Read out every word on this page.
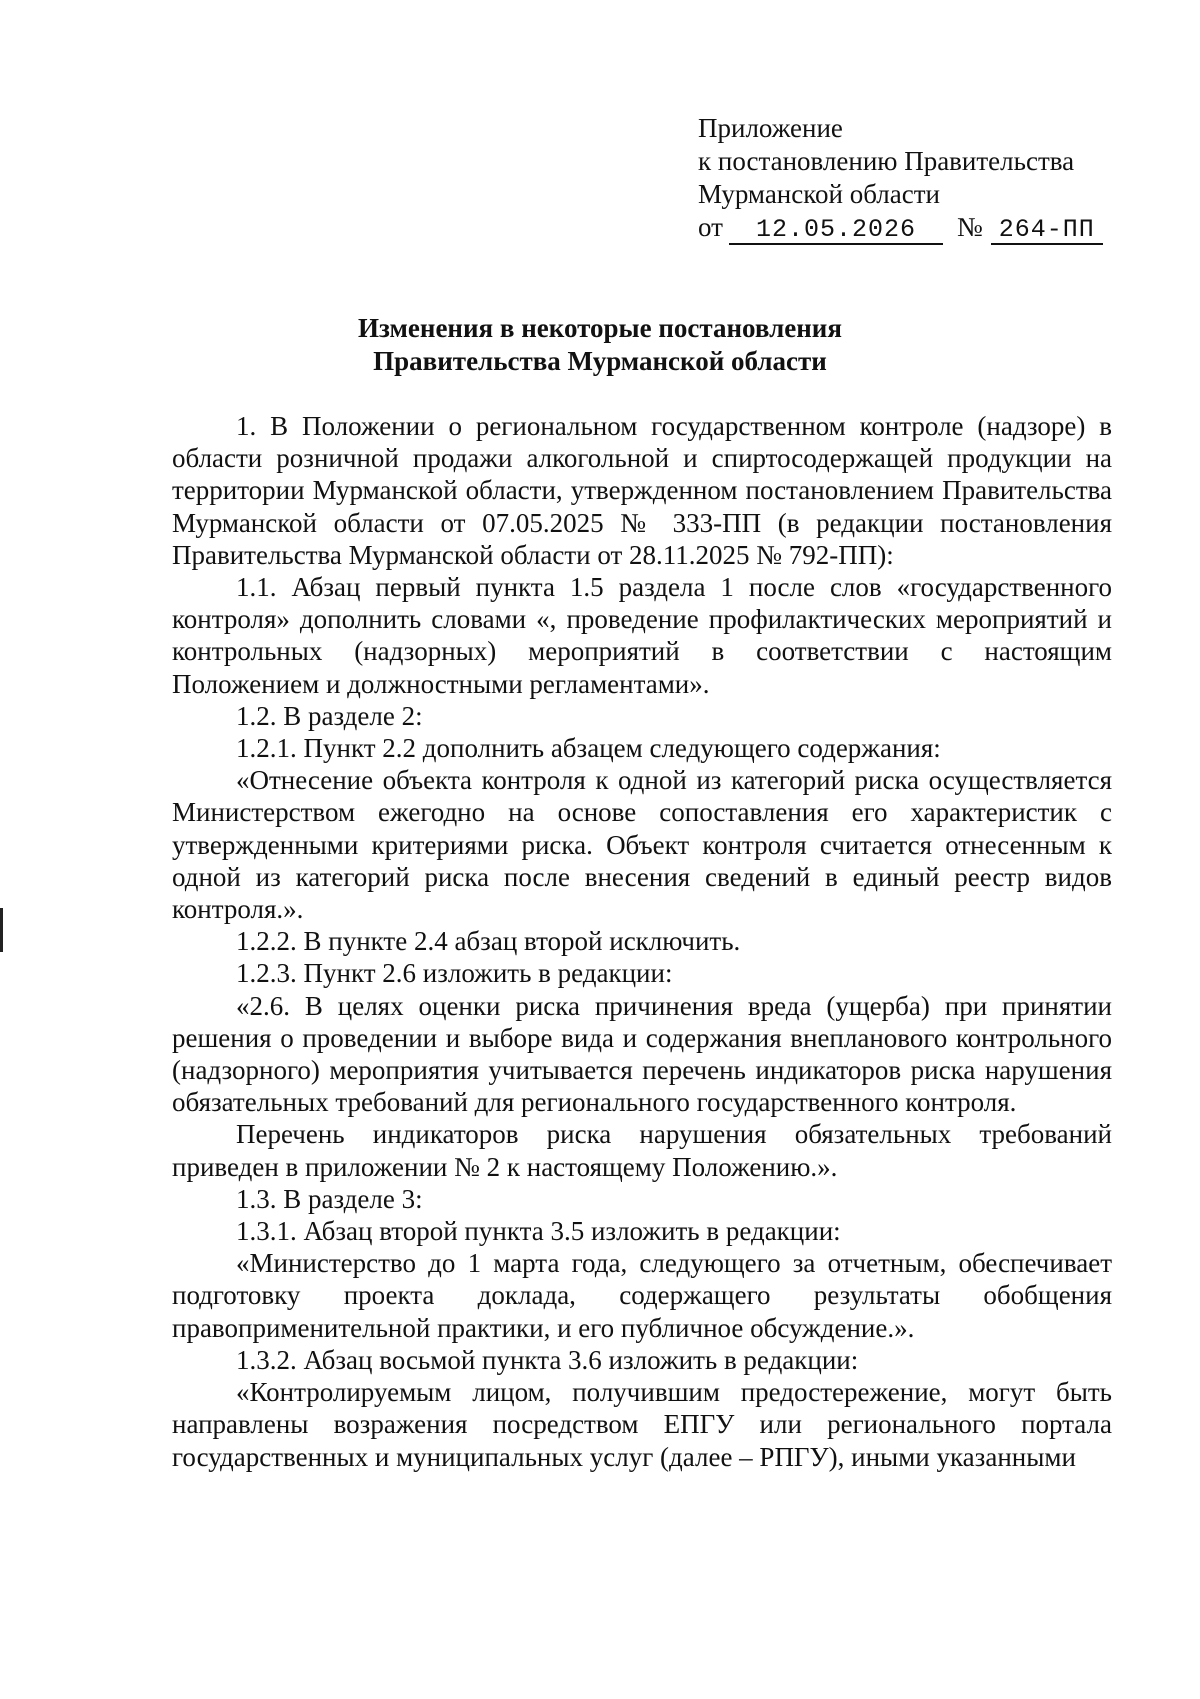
Приложение
к постановлению Правительства
Мурманской области
от 12.05.2026 № 264-ПП
Изменения в некоторые постановления
Правительства Мурманской области

1. В Положении о региональном государственном контроле (надзоре) в области розничной продажи алкогольной и спиртосодержащей продукции на территории Мурманской области, утвержденном постановлением Правительства Мурманской области от 07.05.2025 № 333-ПП (в редакции постановления Правительства Мурманской области от 28.11.2025 № 792-ПП):

1.1. Абзац первый пункта 1.5 раздела 1 после слов «государственного контроля» дополнить словами «, проведение профилактических мероприятий и контрольных (надзорных) мероприятий в соответствии с настоящим Положением и должностными регламентами».

1.2. В разделе 2:

1.2.1. Пункт 2.2 дополнить абзацем следующего содержания:

«Отнесение объекта контроля к одной из категорий риска осуществляется Министерством ежегодно на основе сопоставления его характеристик с утвержденными критериями риска. Объект контроля считается отнесенным к одной из категорий риска после внесения сведений в единый реестр видов контроля.».

1.2.2. В пункте 2.4 абзац второй исключить.

1.2.3. Пункт 2.6 изложить в редакции:

«2.6. В целях оценки риска причинения вреда (ущерба) при принятии решения о проведении и выборе вида и содержания внепланового контрольного (надзорного) мероприятия учитывается перечень индикаторов риска нарушения обязательных требований для регионального государственного контроля.

Перечень индикаторов риска нарушения обязательных требований приведен в приложении № 2 к настоящему Положению.».

1.3. В разделе 3:

1.3.1. Абзац второй пункта 3.5 изложить в редакции:

«Министерство до 1 марта года, следующего за отчетным, обеспечивает подготовку проекта доклада, содержащего результаты обобщения правоприменительной практики, и его публичное обсуждение.».

1.3.2. Абзац восьмой пункта 3.6 изложить в редакции:

«Контролируемым лицом, получившим предостережение, могут быть направлены возражения посредством ЕПГУ или регионального портала государственных и муниципальных услуг (далее – РПГУ), иными указанными
